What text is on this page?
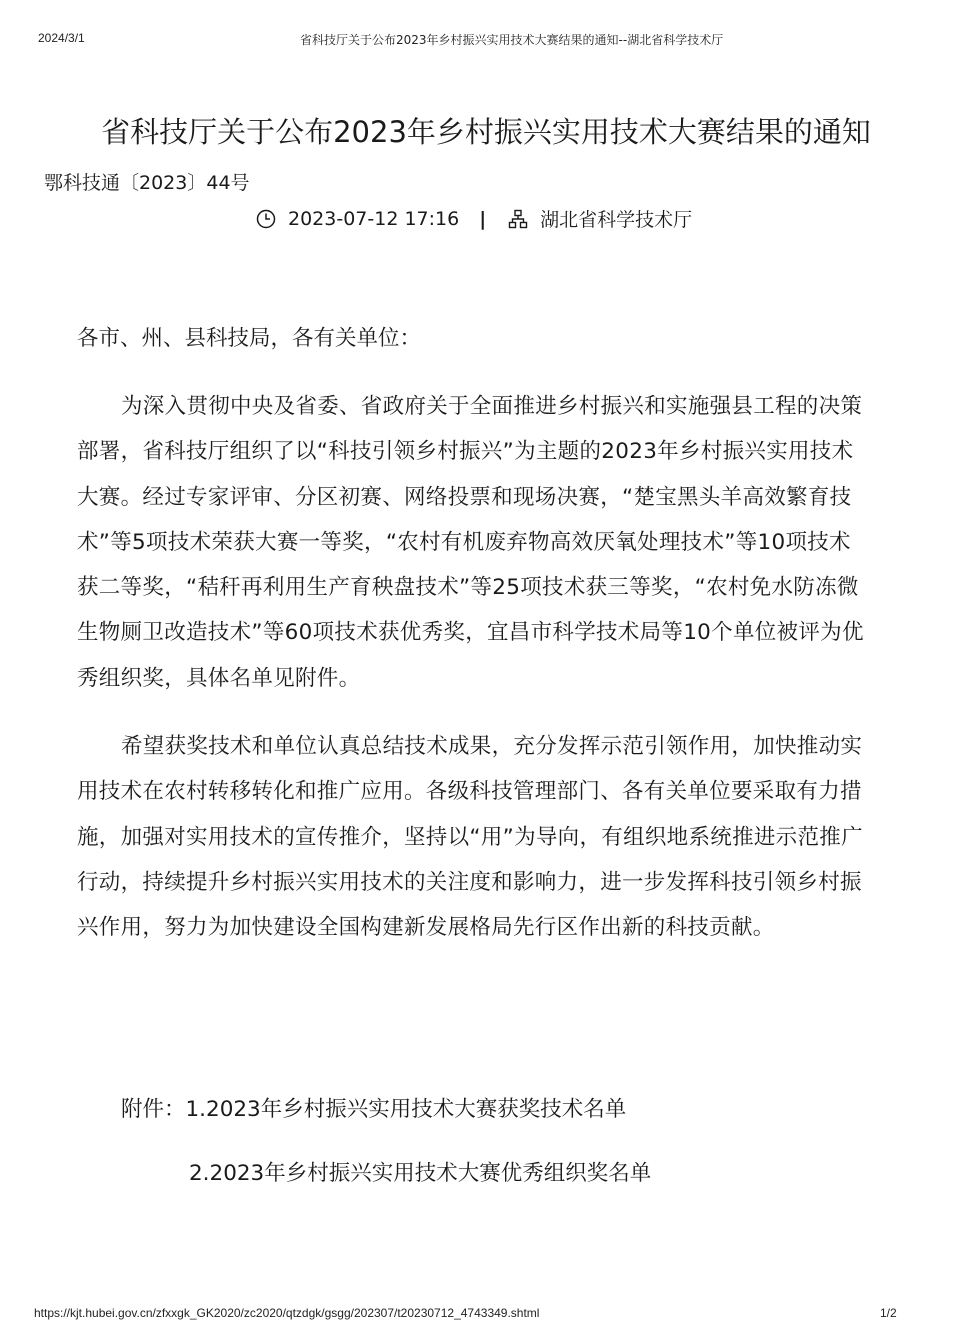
2024/3/1	省科技厅关于公布2023年乡村振兴实用技术大赛结果的通知--湖北省科学技术厅
省科技厅关于公布2023年乡村振兴实用技术大赛结果的通知
鄂科技通〔2023〕44号
2023-07-12 17:16 |	湖北省科学技术厅

各市、州、县科技局，各有关单位：

为深入贯彻中央及省委、省政府关于全面推进乡村振兴和实施强县工程的决策部署，省科技厅组织了以“科技引领乡村振兴”为主题的2023年乡村振兴实用技术大赛。经过专家评审、分区初赛、网络投票和现场决赛，“楚宝黑头羊高效繁育技术”等5项技术荣获大赛一等奖，“农村有机废弃物高效厌氧处理技术”等10项技术获二等奖，“秸秆再利用生产育秧盘技术”等25项技术获三等奖，“农村免水防冻微生物厕卫改造技术”等60项技术获优秀奖，宜昌市科学技术局等10个单位被评为优秀组织奖，具体名单见附件。

希望获奖技术和单位认真总结技术成果，充分发挥示范引领作用，加快推动实用技术在农村转移转化和推广应用。各级科技管理部门、各有关单位要采取有力措施，加强对实用技术的宣传推介，坚持以“用”为导向，有组织地系统推进示范推广行动，持续提升乡村振兴实用技术的关注度和影响力，进一步发挥科技引领乡村振兴作用，努力为加快建设全国构建新发展格局先行区作出新的科技贡献。

附件：1.2023年乡村振兴实用技术大赛获奖技术名单
2.2023年乡村振兴实用技术大赛优秀组织奖名单
https://kjt.hubei.gov.cn/zfxxgk_GK2020/zc2020/qtzdgk/gsgg/202307/t20230712_4743349.shtml	1/2
